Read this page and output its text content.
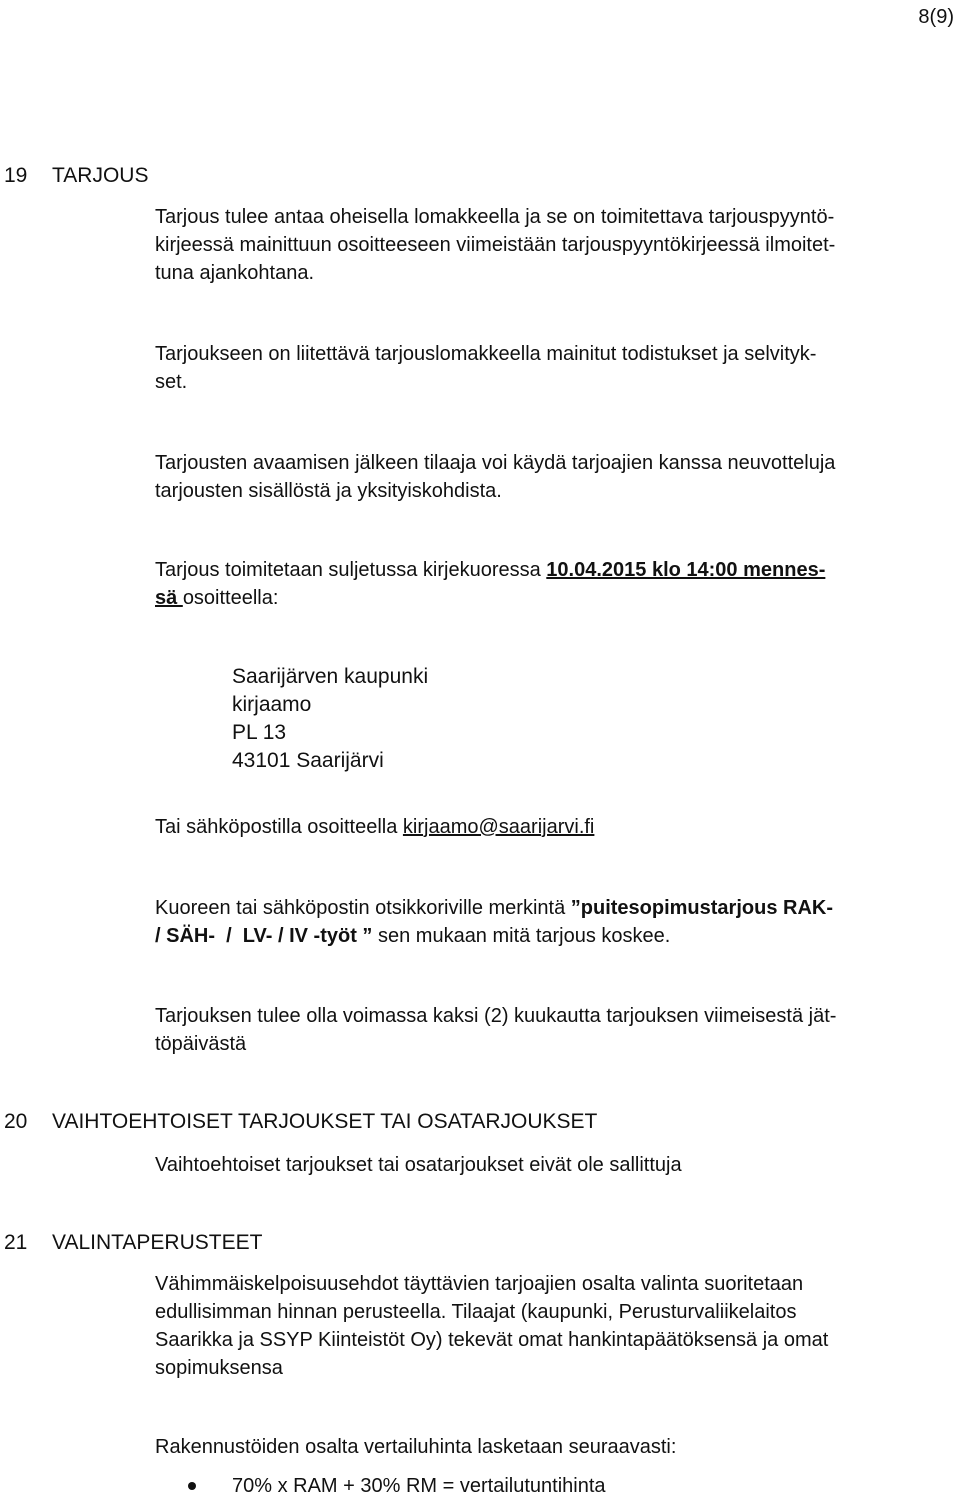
8(9)
19 TARJOUS
Tarjous tulee antaa oheisella lomakkeella ja se on toimitettava tarjouspyyntö-
kirjeessä mainittuun osoitteeseen viimeistään tarjouspyyntökirjeessä ilmoitet-
tuna ajankohtana.
Tarjoukseen on liitettävä tarjouslomakkeella mainitut todistukset ja selvityk-
set.
Tarjousten avaamisen jälkeen tilaaja voi käydä tarjoajien kanssa neuvotteluja
tarjousten sisällöstä ja yksityiskohdista.
Tarjous toimitetaan suljetussa kirjekuoressa 10.04.2015 klo 14:00 mennes-
sä osoitteella:
Saarijärven kaupunki
kirjaamo
PL 13
43101 Saarijärvi
Tai sähköpostilla osoitteella kirjaamo@saarijarvi.fi
Kuoreen tai sähköpostin otsikkoriville merkintä ”puitesopimustarjous RAK-
/ SÄH-  /  LV- / IV -työt ” sen mukaan mitä tarjous koskee.
Tarjouksen tulee olla voimassa kaksi (2) kuukautta tarjouksen viimeisestä jät-
töpäivästä
20 VAIHTOEHTOISET TARJOUKSET TAI OSATARJOUKSET
Vaihtoehtoiset tarjoukset tai osatarjoukset eivät ole sallittuja
21 VALINTAPERUSTEET
Vähimmäiskelpoisuusehdot täyttävien tarjoajien osalta valinta suoritetaan
edullisimman hinnan perusteella. Tilaajat (kaupunki, Perusturvaliikelaitos
Saarikka ja SSYP Kiinteistöt Oy) tekevät omat hankintapäätöksensä ja omat
sopimuksensa
Rakennustöiden osalta vertailuhinta lasketaan seuraavasti:
70% x RAM + 30% RM = vertailutuntihinta
